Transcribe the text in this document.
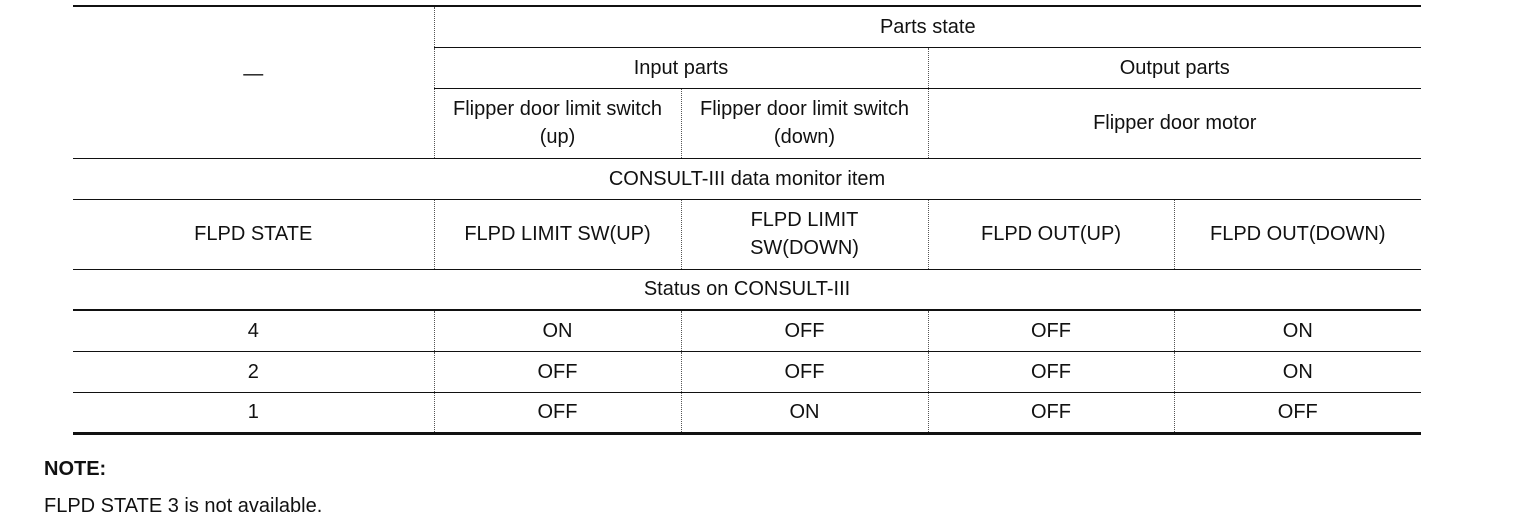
—	Parts state			
	Input parts		Output parts	
	Flipper door limit switch (up)	Flipper door limit switch (down)	Flipper door motor	
CONSULT-III data monitor item				
FLPD STATE	FLPD LIMIT SW(UP)	FLPD LIMIT SW(DOWN)	FLPD OUT(UP)	FLPD OUT(DOWN)
Status on CONSULT-III				
4	ON	OFF	OFF	ON
2	OFF	OFF	OFF	ON
1	OFF	ON	OFF	OFF
NOTE:
FLPD STATE 3 is not available.
